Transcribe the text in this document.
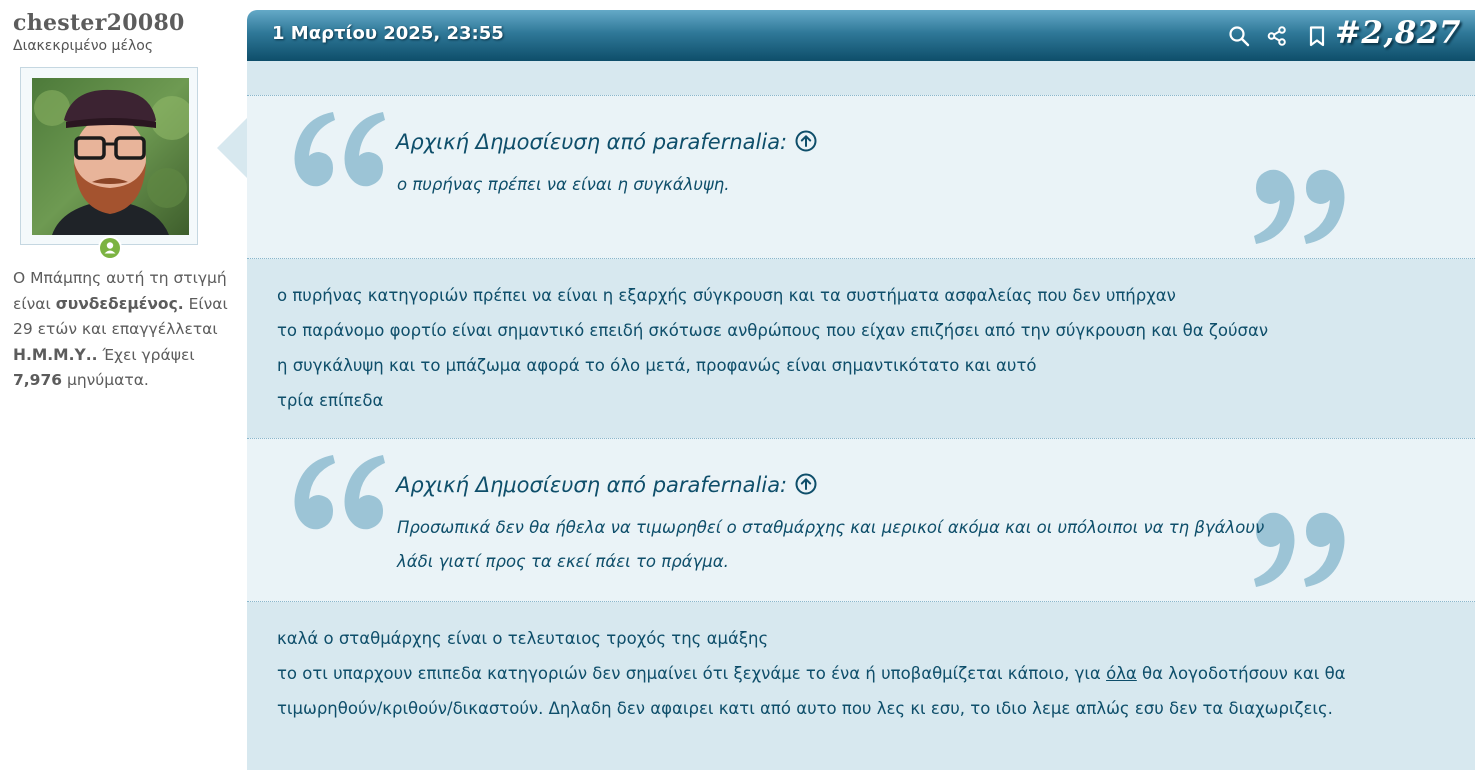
chester20080
Διακεκριμένο μέλος
Ο Μπάμπης αυτή τη στιγμή είναι συνδεδεμένος. Είναι 29 ετών και επαγγέλλεται Η.Μ.Μ.Υ.. Έχει γράψει 7,976 μηνύματα.
1 Μαρτίου 2025, 23:55	#2,827
Αρχική Δημοσίευση από parafernalia:
ο πυρήνας πρέπει να είναι η συγκάλυψη.
ο πυρήνας κατηγοριών πρέπει να είναι η εξαρχής σύγκρουση και τα συστήματα ασφαλείας που δεν υπήρχαν
το παράνομο φορτίο είναι σημαντικό επειδή σκότωσε ανθρώπους που είχαν επιζήσει από την σύγκρουση και θα ζούσαν
η συγκάλυψη και το μπάζωμα αφορά το όλο μετά, προφανώς είναι σημαντικότατο και αυτό
τρία επίπεδα
Αρχική Δημοσίευση από parafernalia:
Προσωπικά δεν θα ήθελα να τιμωρηθεί ο σταθμάρχης και μερικοί ακόμα και οι υπόλοιποι να τη βγάλουν
λάδι γιατί προς τα εκεί πάει το πράγμα.
καλά ο σταθμάρχης είναι ο τελευταιος τροχός της αμάξης
το οτι υπαρχουν επιπεδα κατηγοριών δεν σημαίνει ότι ξεχνάμε το ένα ή υποβαθμίζεται κάποιο, για όλα θα λογοδοτήσουν και θα
τιμωρηθούν/κριθούν/δικαστούν. Δηλαδη δεν αφαιρει κατι από αυτο που λες κι εσυ, το ιδιο λεμε απλώς εσυ δεν τα διαχωριζεις.
